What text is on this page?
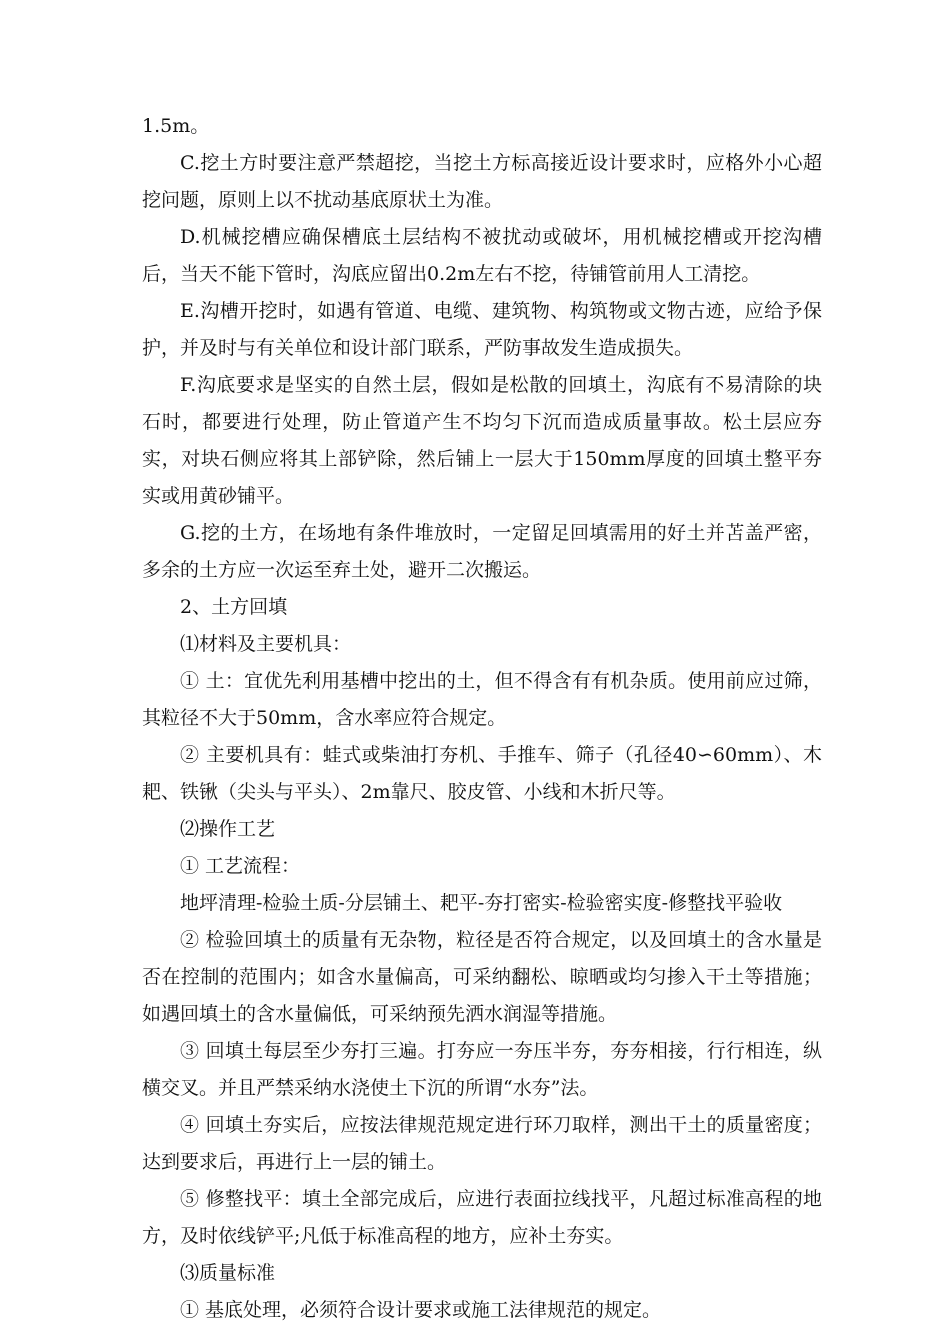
1.5m。

C.挖土方时要注意严禁超挖，当挖土方标高接近设计要求时，应格外小心超挖问题，原则上以不扰动基底原状土为准。

D.机械挖槽应确保槽底土层结构不被扰动或破坏，用机械挖槽或开挖沟槽后，当天不能下管时，沟底应留出0.2m左右不挖，待铺管前用人工清挖。

E.沟槽开挖时，如遇有管道、电缆、建筑物、构筑物或文物古迹，应给予保护，并及时与有关单位和设计部门联系，严防事故发生造成损失。

F.沟底要求是坚实的自然土层，假如是松散的回填土，沟底有不易清除的块石时，都要进行处理，防止管道产生不均匀下沉而造成质量事故。松土层应夯实，对块石侧应将其上部铲除，然后铺上一层大于150mm厚度的回填土整平夯实或用黄砂铺平。

G.挖的土方，在场地有条件堆放时，一定留足回填需用的好土并苫盖严密，多余的土方应一次运至弃土处，避开二次搬运。

2、土方回填

⑴材料及主要机具：

① 土：宜优先利用基槽中挖出的土，但不得含有有机杂质。使用前应过筛，其粒径不大于50mm，含水率应符合规定。

② 主要机具有：蛙式或柴油打夯机、手推车、筛子（孔径40∽60mm）、木耙、铁锹（尖头与平头）、2m靠尺、胶皮管、小线和木折尺等。

⑵操作工艺

① 工艺流程：

地坪清理-检验土质-分层铺土、耙平-夯打密实-检验密实度-修整找平验收

② 检验回填土的质量有无杂物，粒径是否符合规定，以及回填土的含水量是否在控制的范围内；如含水量偏高，可采纳翻松、晾晒或均匀掺入干土等措施；如遇回填土的含水量偏低，可采纳预先洒水润湿等措施。

③ 回填土每层至少夯打三遍。打夯应一夯压半夯，夯夯相接，行行相连，纵横交叉。并且严禁采纳水浇使土下沉的所谓“水夯”法。

④ 回填土夯实后，应按法律规范规定进行环刀取样，测出干土的质量密度；达到要求后，再进行上一层的铺土。

⑤ 修整找平：填土全部完成后，应进行表面拉线找平，凡超过标准高程的地方，及时依线铲平;凡低于标准高程的地方，应补土夯实。

⑶质量标准

① 基底处理，必须符合设计要求或施工法律规范的规定。
